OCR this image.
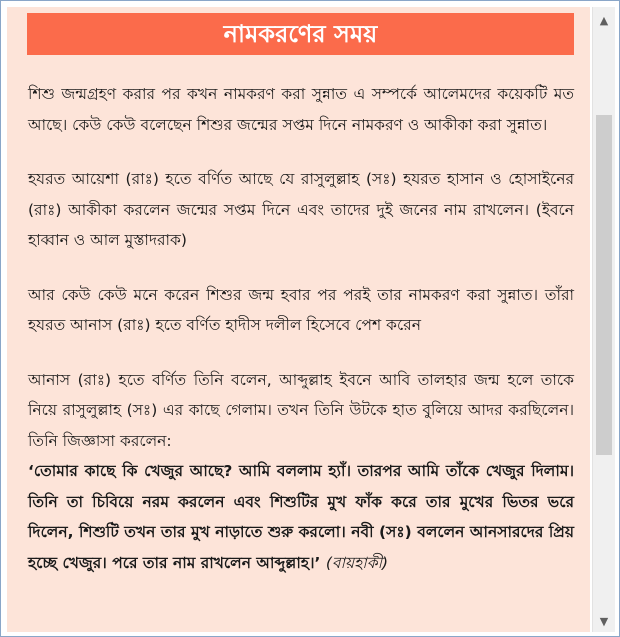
নামকরণের সময়

শিশু জন্মগ্রহণ করার পর কখন নামকরণ করা সুন্নাত এ সম্পর্কে আলেমদের কয়েকটি মত আছে। কেউ কেউ বলেছেন শিশুর জন্মের সপ্তম দিনে নামকরণ ও আকীকা করা সুন্নাত।

হযরত আয়েশা (রাঃ) হতে বর্ণিত আছে যে রাসুলুল্লাহ (সঃ) হযরত হাসান ও হোসাইনের (রাঃ) আকীকা করলেন জন্মের সপ্তম দিনে এবং তাদের দুই জনের নাম রাখলেন। (ইবনে হাব্বান ও আল মুস্তাদরাক)

আর কেউ কেউ মনে করেন শিশুর জন্ম হবার পর পরই তার নামকরণ করা সুন্নাত। তাঁরা হযরত আনাস (রাঃ) হতে বর্ণিত হাদীস দলীল হিসেবে পেশ করেন

আনাস (রাঃ) হতে বর্ণিত তিনি বলেন, আব্দুল্লাহ ইবনে আবি তালহার জন্ম হলে তাকে নিয়ে রাসুলুল্লাহ (সঃ) এর কাছে গেলাম। তখন তিনি উটকে হাত বুলিয়ে আদর করছিলেন। তিনি জিজ্ঞাসা করলেন:

‘তোমার কাছে কি খেজুর আছে? আমি বললাম হ্যাঁ। তারপর আমি তাঁকে খেজুর দিলাম। তিনি তা চিবিয়ে নরম করলেন এবং শিশুটির মুখ ফাঁক করে তার মুখের ভিতর ভরে দিলেন, শিশুটি তখন তার মুখ নাড়াতে শুরু করলো। নবী (সঃ) বললেন আনসারদের প্রিয় হচ্ছে খেজুর। পরে তার নাম রাখলেন আব্দুল্লাহ।’ (বায়হাকী)

▲
▼
